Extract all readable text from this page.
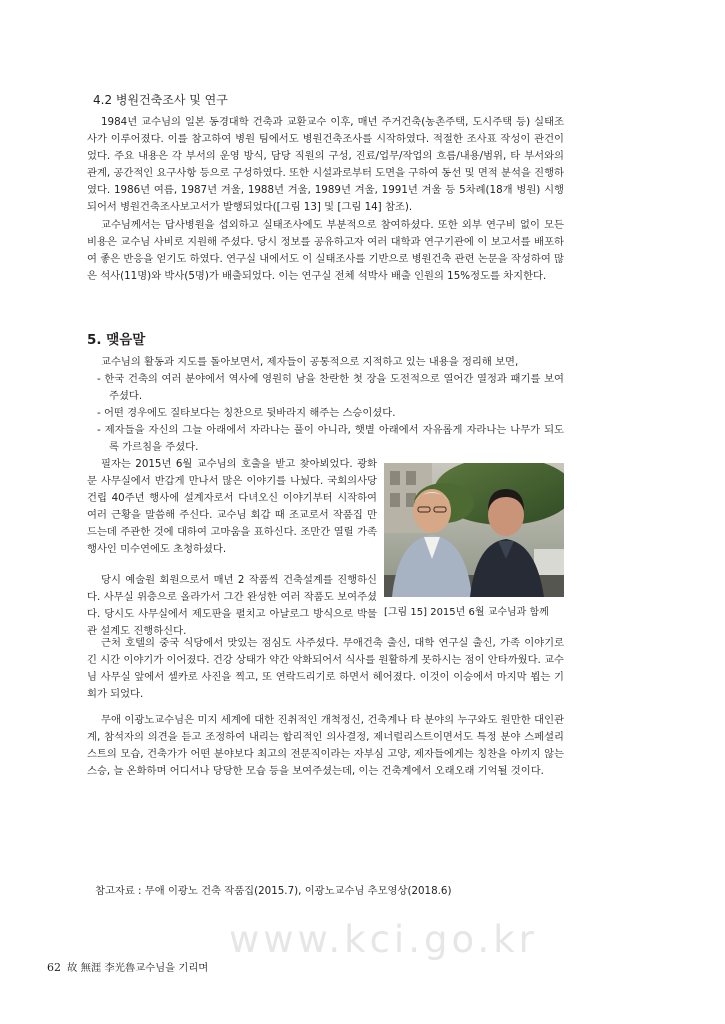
4.2 병원건축조사 및 연구

1984년 교수님의 일본 동경대학 건축과 교환교수 이후, 매년 주거건축(농촌주택, 도시주택 등) 실태조사가 이루어졌다. 이를 참고하여 병원 팀에서도 병원건축조사를 시작하였다. 적절한 조사표 작성이 관건이었다. 주요 내용은 각 부서의 운영 방식, 담당 직원의 구성, 진료/업무/작업의 흐름/내용/범위, 타 부서와의 관계, 공간적인 요구사항 등으로 구성하였다. 또한 시설과로부터 도면을 구하여 동선 및 면적 분석을 진행하였다. 1986년 여름, 1987년 겨울, 1988년 겨울, 1989년 겨울, 1991년 겨울 등 5차례(18개 병원) 시행되어서 병원건축조사보고서가 발행되었다([그림 13] 및 [그림 14] 참조).

교수님께서는 답사병원을 섭외하고 실태조사에도 부분적으로 참여하셨다. 또한 외부 연구비 없이 모든 비용은 교수님 사비로 지원해 주셨다. 당시 정보를 공유하고자 여러 대학과 연구기관에 이 보고서를 배포하여 좋은 반응을 얻기도 하였다. 연구실 내에서도 이 실태조사를 기반으로 병원건축 관련 논문을 작성하여 많은 석사(11명)와 박사(5명)가 배출되었다. 이는 연구실 전체 석박사 배출 인원의 15%정도를 차지한다.

5. 맺음말

교수님의 활동과 지도를 돌아보면서, 제자들이 공통적으로 지적하고 있는 내용을 정리해 보면,

- 한국 건축의 여러 분야에서 역사에 영원히 남을 찬란한 첫 장을 도전적으로 열어간 열정과 패기를 보여주셨다.
- 어떤 경우에도 질타보다는 칭찬으로 뒷바라지 해주는 스승이셨다.
- 제자들을 자신의 그늘 아래에서 자라나는 풀이 아니라, 햇볕 아래에서 자유롭게 자라나는 나무가 되도록 가르침을 주셨다.

필자는 2015년 6월 교수님의 호출을 받고 찾아뵈었다. 광화문 사무실에서 반갑게 만나서 많은 이야기를 나눴다. 국회의사당 건립 40주년 행사에 설계자로서 다녀오신 이야기부터 시작하여 여러 근황을 말씀해 주신다. 교수님 회갑 때 조교로서 작품집 만드는데 주관한 것에 대하여 고마움을 표하신다. 조만간 열릴 가족 행사인 미수연에도 초청하셨다.

당시 예술원 회원으로서 매년 2 작품씩 건축설계를 진행하신다. 사무실 위층으로 올라가서 그간 완성한 여러 작품도 보여주셨다. 당시도 사무실에서 제도판을 펼치고 아날로그 방식으로 박물관 설계도 진행하신다.

[그림 15] 2015년 6월 교수님과 함께

근처 호텔의 중국 식당에서 맛있는 점심도 사주셨다. 무애건축 출신, 대학 연구실 출신, 가족 이야기로 긴 시간 이야기가 이어졌다. 건강 상태가 약간 악화되어서 식사를 원활하게 못하시는 점이 안타까웠다. 교수님 사무실 앞에서 셀카로 사진을 찍고, 또 연락드리기로 하면서 헤어졌다. 이것이 이승에서 마지막 뵙는 기회가 되었다.

무애 이광노교수님은 미지 세계에 대한 진취적인 개척정신, 건축계나 타 분야의 누구와도 원만한 대인관계, 참석자의 의견을 듣고 조정하여 내리는 합리적인 의사결정, 제너럴리스트이면서도 특정 분야 스페셜리스트의 모습, 건축가가 어떤 분야보다 최고의 전문직이라는 자부심 고양, 제자들에게는 칭찬을 아끼지 않는 스승, 늘 온화하며 어디서나 당당한 모습 등을 보여주셨는데, 이는 건축계에서 오래오래 기억될 것이다.

참고자료 : 무애 이광노 건축 작품집(2015.7), 이광노교수님 추모영상(2018.6)
www.kci.go.kr
62 故 無涯 李光魯교수님을 기리며
